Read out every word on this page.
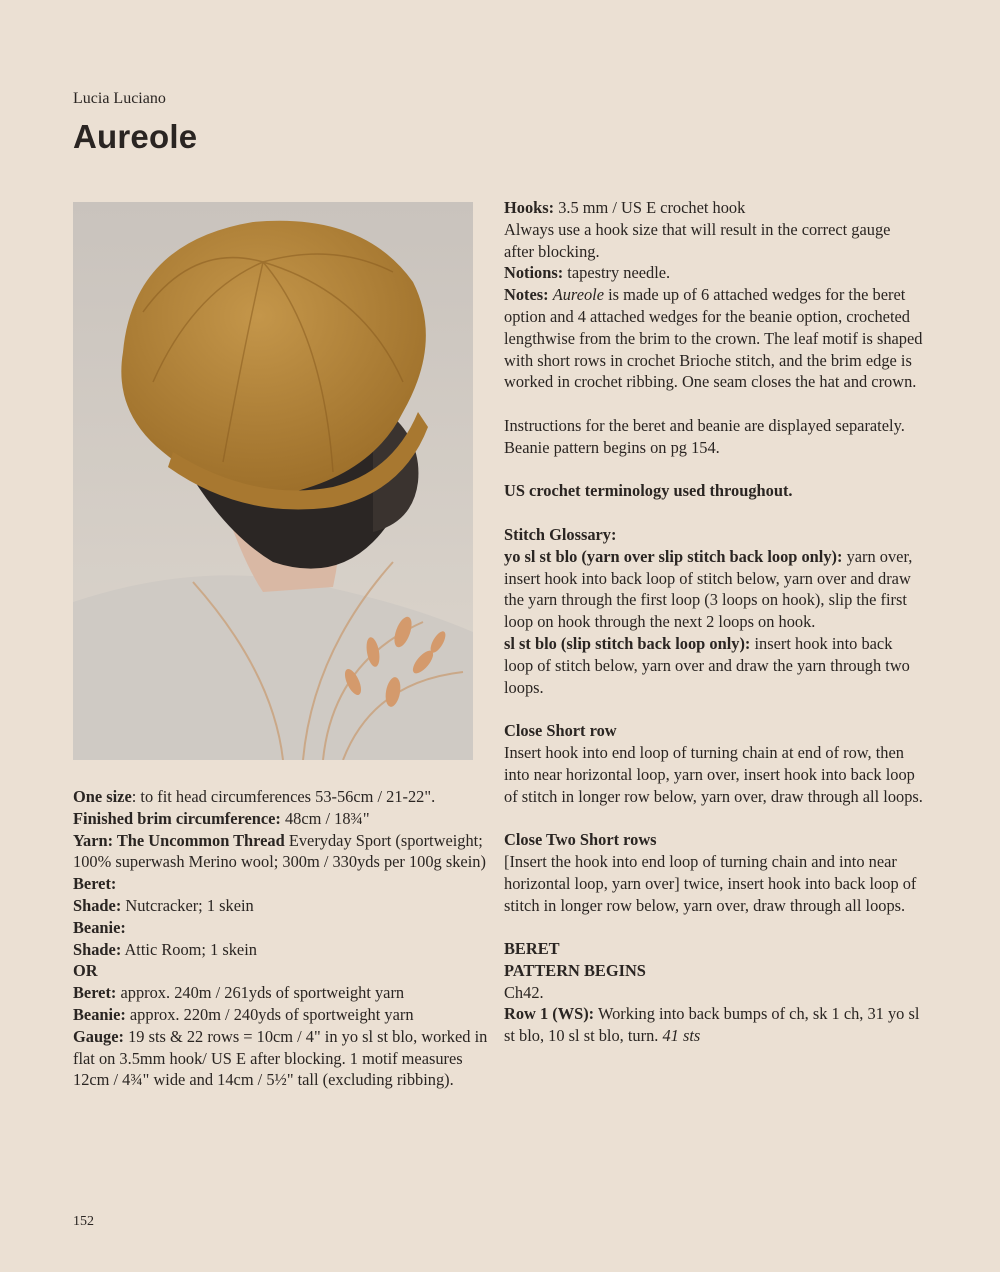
Lucia Luciano
Aureole

One size: to fit head circumferences 53-56cm / 21-22".

Finished brim circumference: 48cm / 18¾"

Yarn: The Uncommon Thread Everyday Sport (sportweight; 100% superwash Merino wool; 300m / 330yds per 100g skein)

Beret:

Shade: Nutcracker; 1 skein

Beanie:

Shade: Attic Room; 1 skein

OR

Beret: approx. 240m / 261yds of sportweight yarn

Beanie: approx. 220m / 240yds of sportweight yarn

Gauge: 19 sts & 22 rows = 10cm / 4" in yo sl st blo, worked in flat on 3.5mm hook/ US E after blocking. 1 motif measures 12cm / 4¾" wide and 14cm / 5½" tall (excluding ribbing).

Hooks: 3.5 mm / US E crochet hook

Always use a hook size that will result in the correct gauge after blocking.

Notions: tapestry needle.

Notes: Aureole is made up of 6 attached wedges for the beret option and 4 attached wedges for the beanie option, crocheted lengthwise from the brim to the crown. The leaf motif is shaped with short rows in crochet Brioche stitch, and the brim edge is worked in crochet ribbing. One seam closes the hat and crown.

Instructions for the beret and beanie are displayed separately. Beanie pattern begins on pg 154.

US crochet terminology used throughout.

Stitch Glossary:

yo sl st blo (yarn over slip stitch back loop only): yarn over, insert hook into back loop of stitch below, yarn over and draw the yarn through the first loop (3 loops on hook), slip the first loop on hook through the next 2 loops on hook.

sl st blo (slip stitch back loop only): insert hook into back loop of stitch below, yarn over and draw the yarn through two loops.

Close Short row

Insert hook into end loop of turning chain at end of row, then into near horizontal loop, yarn over, insert hook into back loop of stitch in longer row below, yarn over, draw through all loops.

Close Two Short rows

[Insert the hook into end loop of turning chain and into near horizontal loop, yarn over] twice, insert hook into back loop of stitch in longer row below, yarn over, draw through all loops.

BERET

PATTERN BEGINS

Ch42.

Row 1 (WS): Working into back bumps of ch, sk 1 ch, 31 yo sl st blo, 10 sl st blo, turn. 41 sts

152
